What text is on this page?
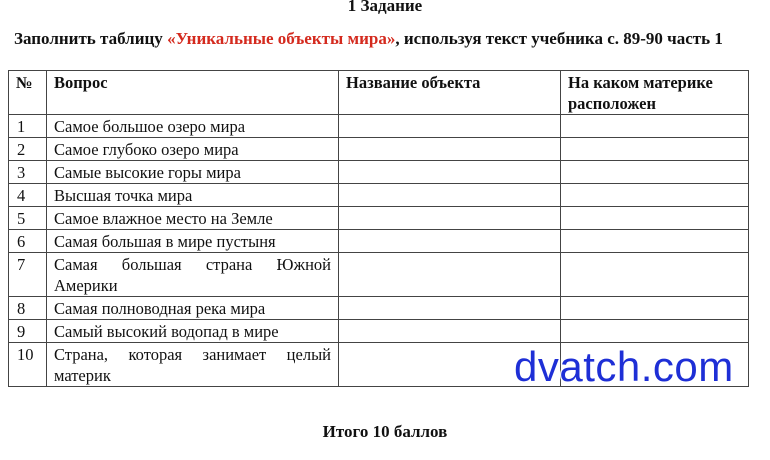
1 Задание
Заполнить таблицу «Уникальные объекты мира», используя текст учебника с. 89-90 часть 1
№	Вопрос	Название объекта	На каком материке расположен
1	Самое большое озеро мира		
2	Самое глубоко озеро мира		
3	Самые высокие горы мира		
4	Высшая точка мира		
5	Самое влажное место на Земле		
6	Самая большая в мире пустыня		
7	Самая большая страна Южной Америки		
8	Самая полноводная река мира		
9	Самый высокий водопад в мире		
10	Страна, которая занимает целый материк			dvatch.com
Итого 10 баллов
